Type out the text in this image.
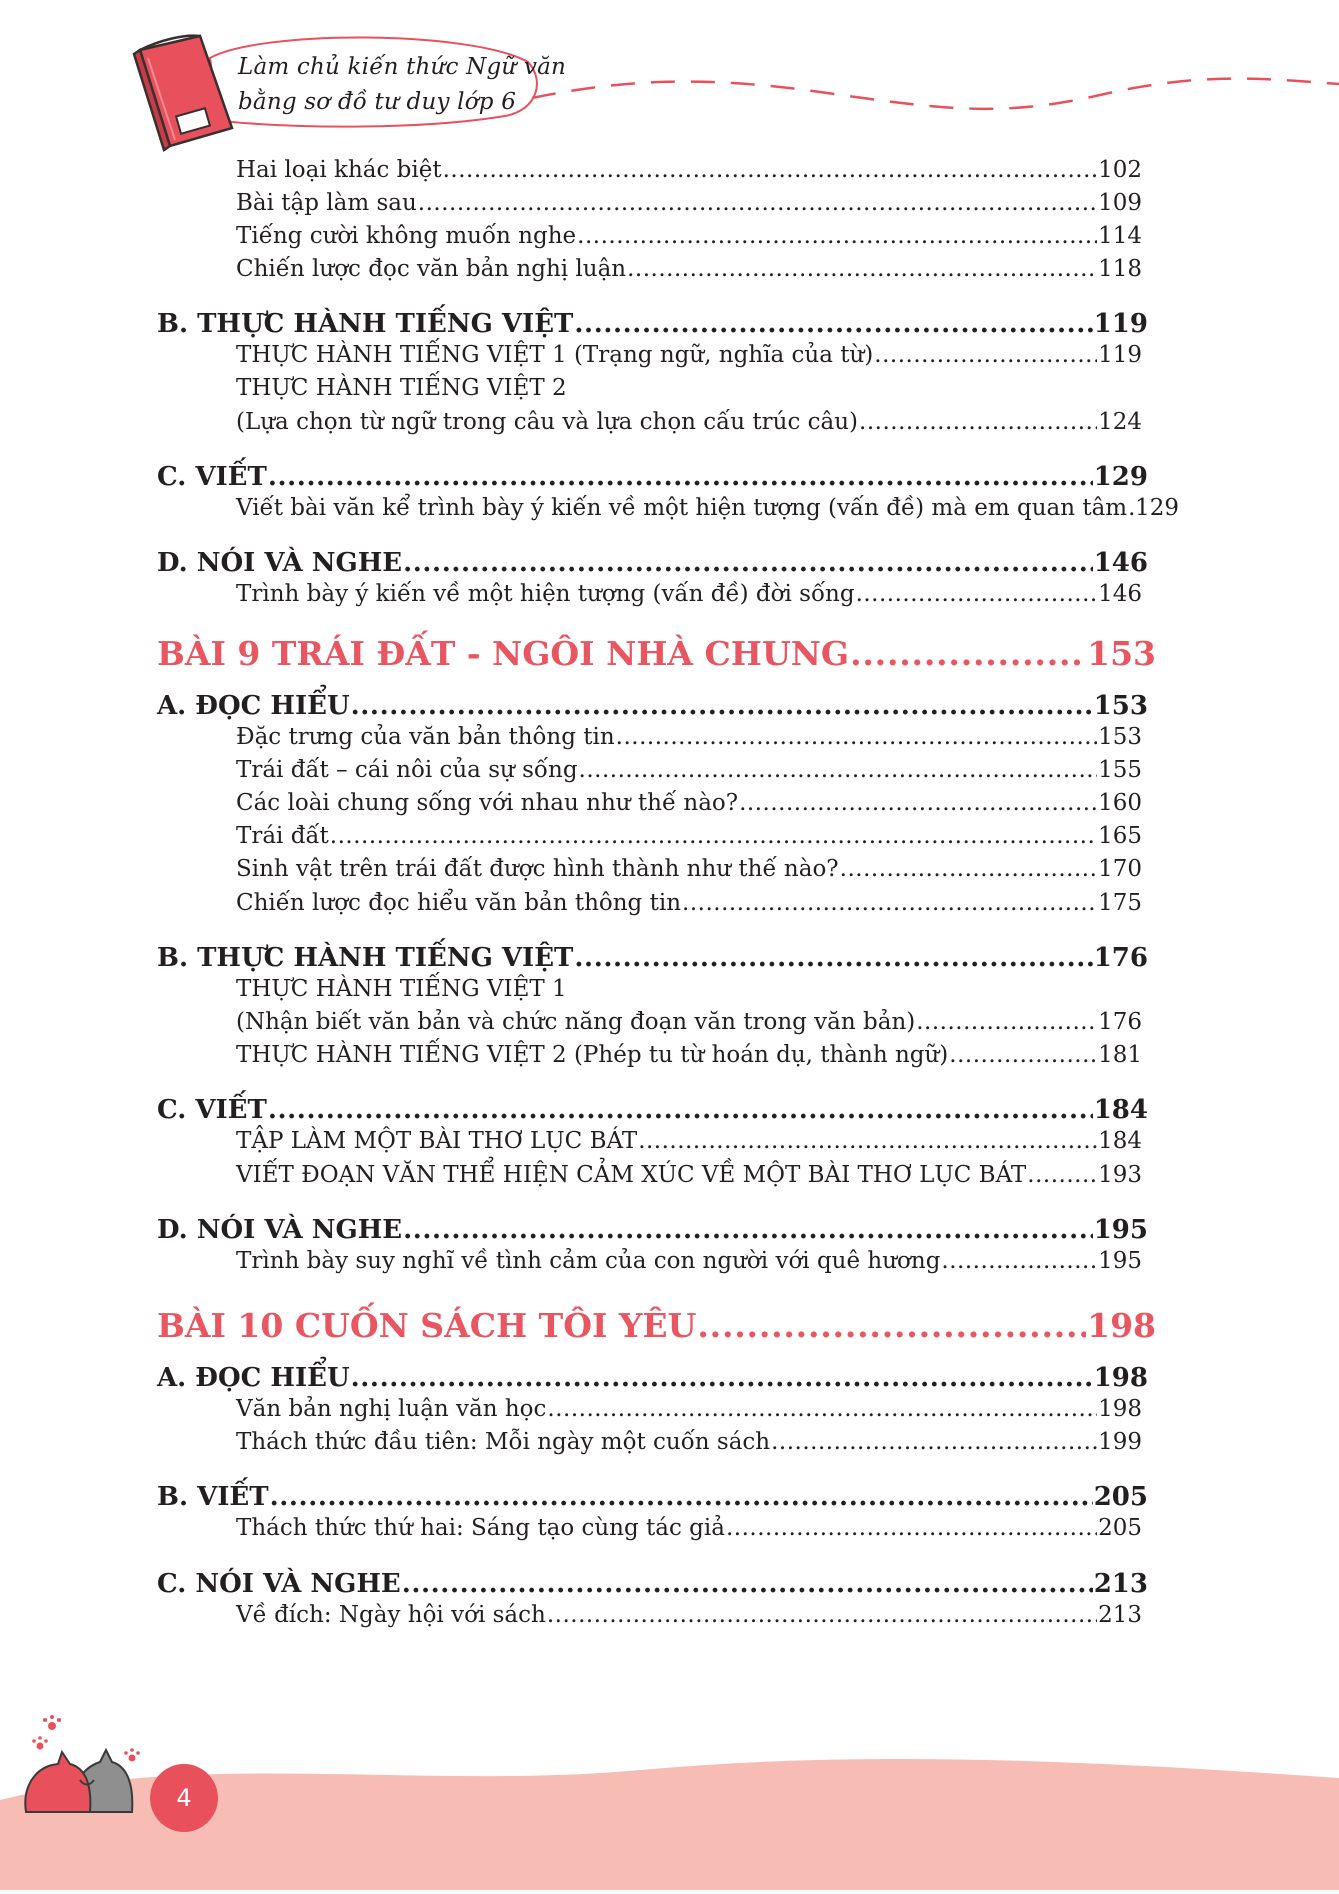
Làm chủ kiến thức Ngữ văn
bằng sơ đồ tư duy lớp 6
Hai loại khác biệt .....	102
Bài tập làm sau .....	109
Tiếng cười không muốn nghe .....	114
Chiến lược đọc văn bản nghị luận .....	118
B. THỰC HÀNH TIẾNG VIỆT .....	119
THỰC HÀNH TIẾNG VIỆT 1 (Trạng ngữ, nghĩa của từ) .....	119
THỰC HÀNH TIẾNG VIỆT 2
(Lựa chọn từ ngữ trong câu và lựa chọn cấu trúc câu) .....	124
C. VIẾT .....	129
Viết bài văn kể trình bày ý kiến về một hiện tượng (vấn đề) mà em quan tâm ..... 129
D. NÓI VÀ NGHE .....	146
Trình bày ý kiến về một hiện tượng (vấn đề) đời sống .....	146
BÀI 9 TRÁI ĐẤT - NGÔI NHÀ CHUNG .....	153
A. ĐỌC HIỂU .....	153
Đặc trưng của văn bản thông tin .....	153
Trái đất – cái nôi của sự sống .....	155
Các loài chung sống với nhau như thế nào? .....	160
Trái đất .....	165
Sinh vật trên trái đất được hình thành như thế nào? .....	170
Chiến lược đọc hiểu văn bản thông tin .....	175
B. THỰC HÀNH TIẾNG VIỆT .....	176
THỰC HÀNH TIẾNG VIỆT 1
(Nhận biết văn bản và chức năng đoạn văn trong văn bản) .....	176
THỰC HÀNH TIẾNG VIỆT 2 (Phép tu từ hoán dụ, thành ngữ) .....	181
C. VIẾT .....	184
TẬP LÀM MỘT BÀI THƠ LỤC BÁT .....	184
VIẾT ĐOẠN VĂN THỂ HIỆN CẢM XÚC VỀ MỘT BÀI THƠ LỤC BÁT .....	193
D. NÓI VÀ NGHE .....	195
Trình bày suy nghĩ về tình cảm của con người với quê hương .....	195
BÀI 10 CUỐN SÁCH TÔI YÊU .....	198
A. ĐỌC HIỂU .....	198
Văn bản nghị luận văn học .....	198
Thách thức đầu tiên: Mỗi ngày một cuốn sách .....	199
B. VIẾT .....	205
Thách thức thứ hai: Sáng tạo cùng tác giả .....	205
C. NÓI VÀ NGHE .....	213
Về đích: Ngày hội với sách .....	213
4
